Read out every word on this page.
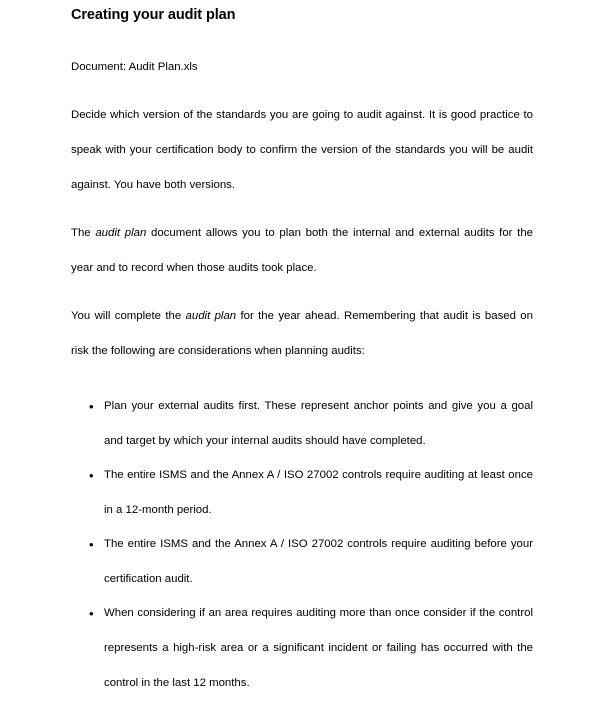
Creating your audit plan

Document: Audit Plan.xls

Decide which version of the standards you are going to audit against. It is good practice to speak with your certification body to confirm the version of the standards you will be audit against. You have both versions.

The audit plan document allows you to plan both the internal and external audits for the year and to record when those audits took place.

You will complete the audit plan for the year ahead. Remembering that audit is based on risk the following are considerations when planning audits:

• Plan your external audits first. These represent anchor points and give you a goal and target by which your internal audits should have completed.
• The entire ISMS and the Annex A / ISO 27002 controls require auditing at least once in a 12-month period.
• The entire ISMS and the Annex A / ISO 27002 controls require auditing before your certification audit.
• When considering if an area requires auditing more than once consider if the control represents a high-risk area or a significant incident or failing has occurred with the control in the last 12 months.
